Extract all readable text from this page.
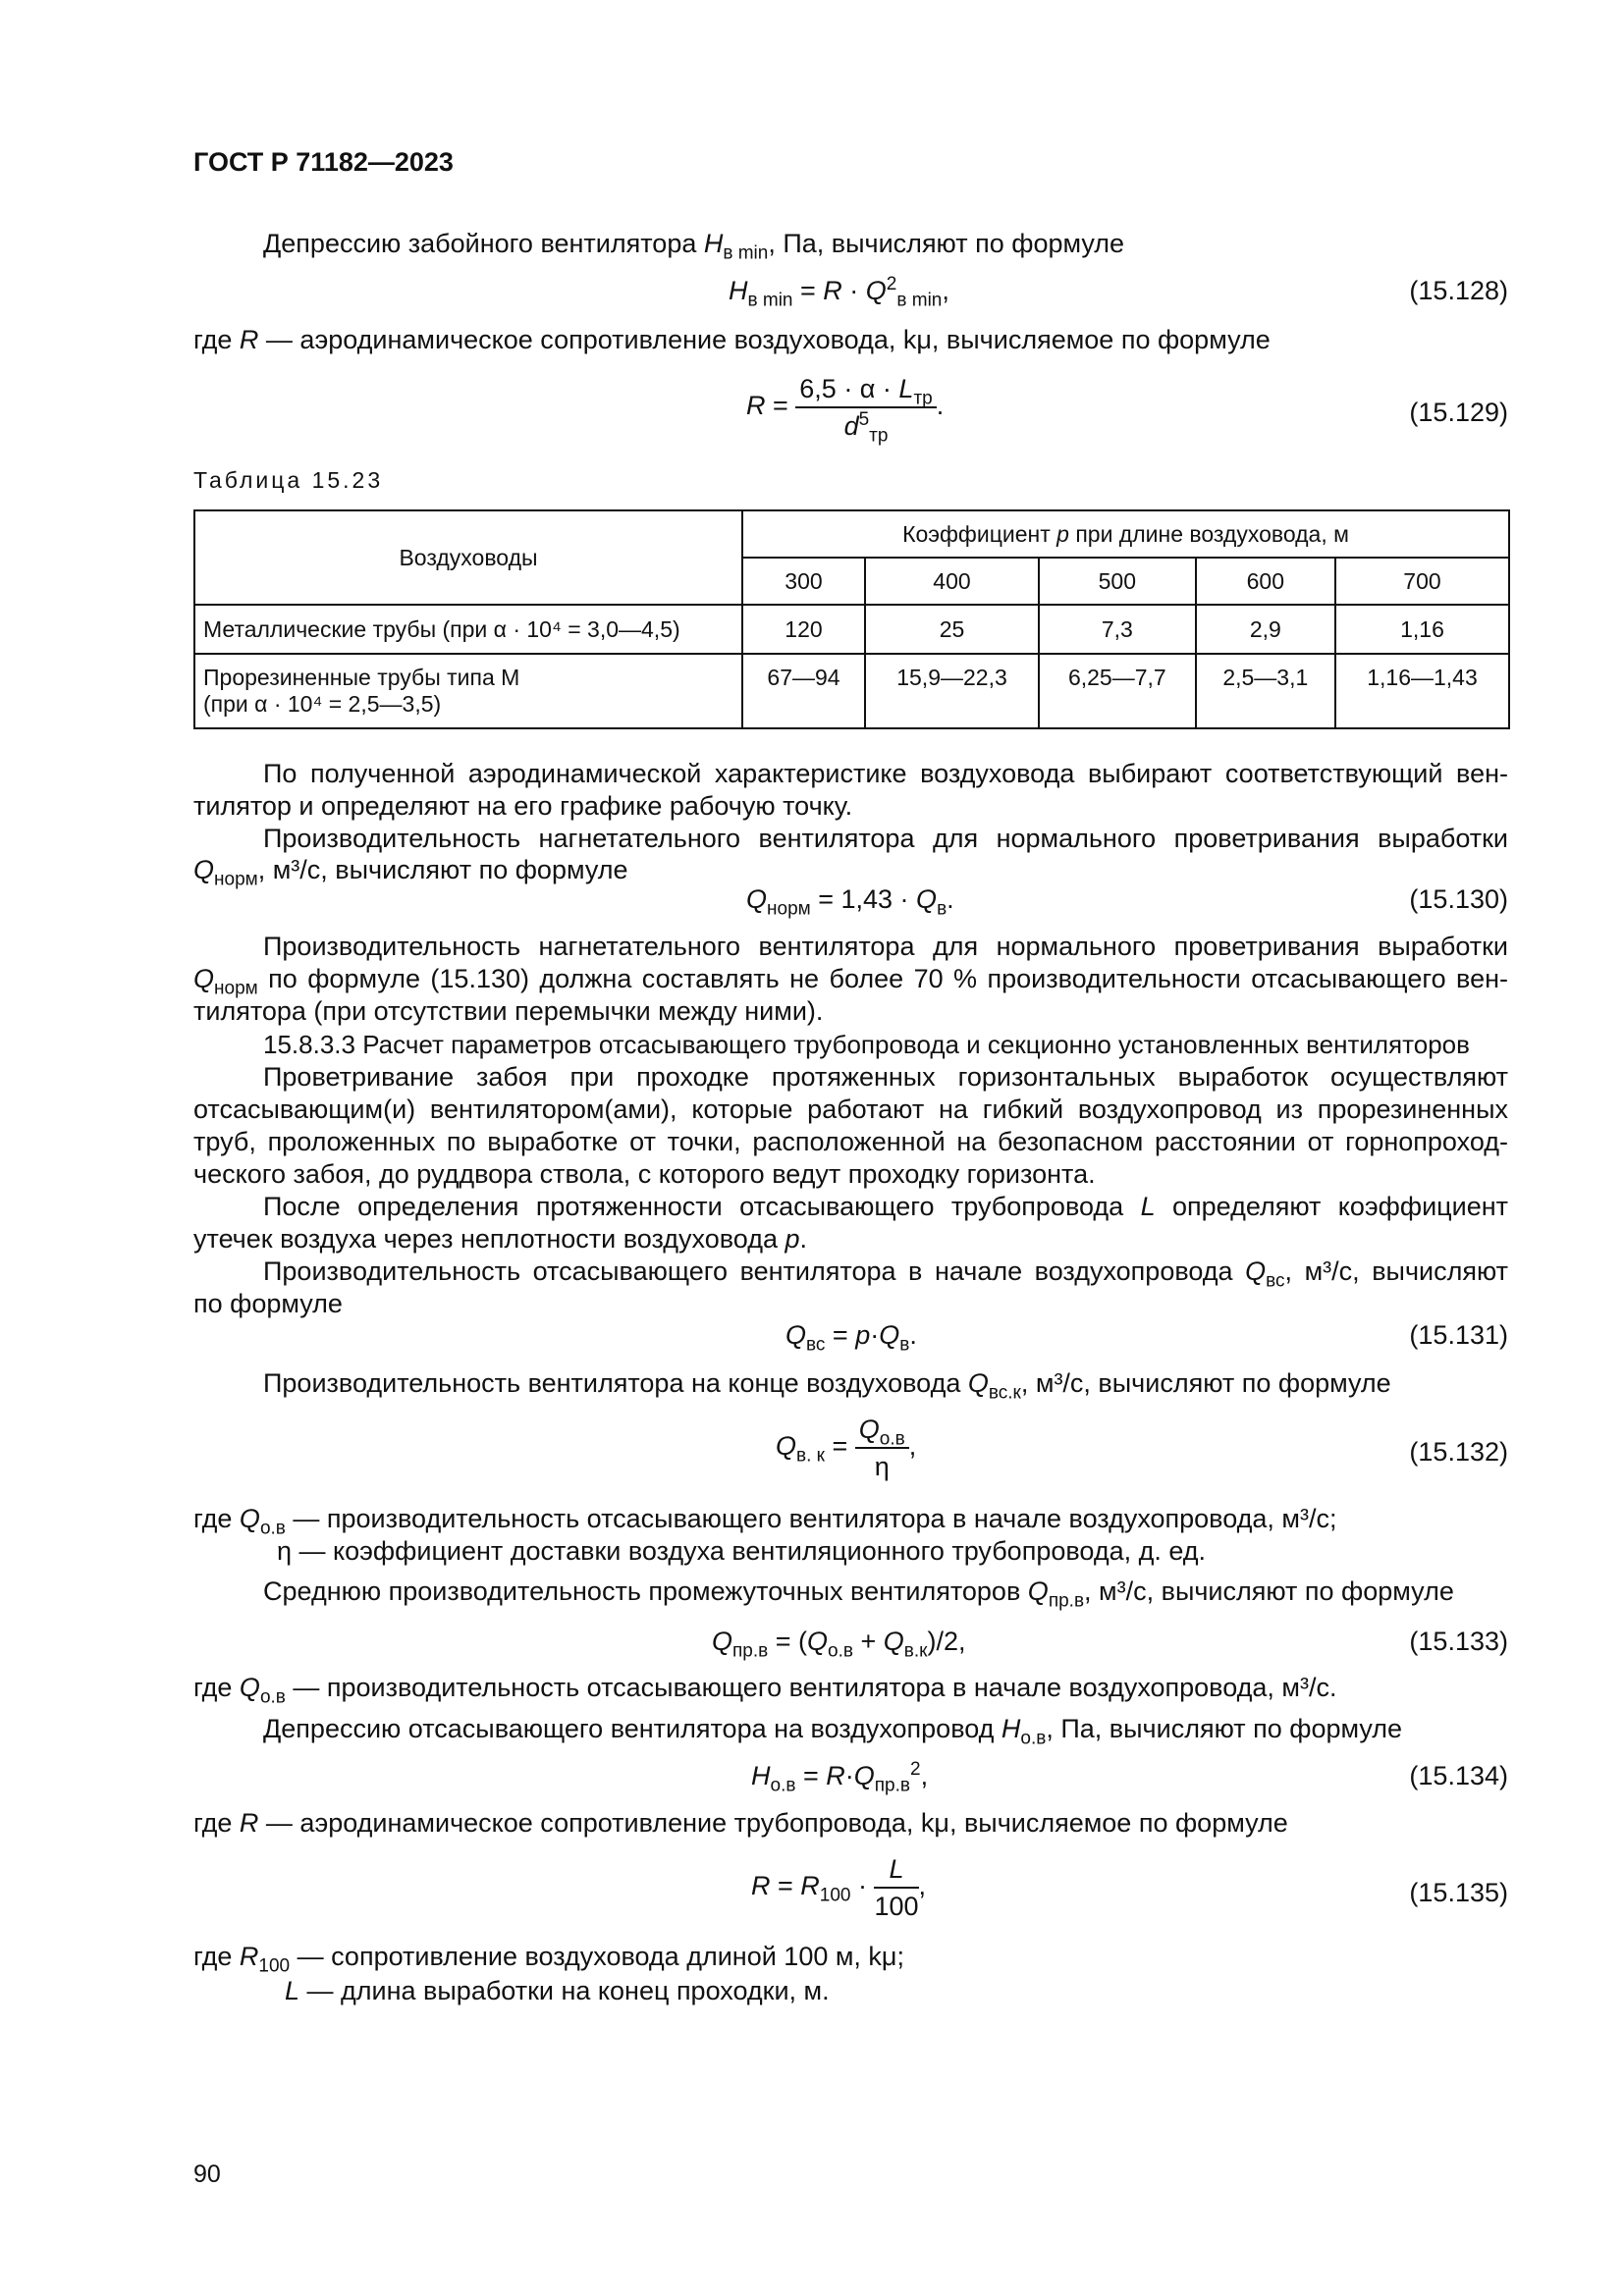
ГОСТ Р 71182—2023
Депрессию забойного вентилятора $H_{в min}$, Па, вычисляют по формуле
$H_{в min} = R \cdot Q^2_{в min}$,	(15.128)
где R — аэродинамическое сопротивление воздуховода, kμ, вычисляемое по формуле
$R = \frac{6,5 \cdot \alpha \cdot L_{тр}}{d^5_{тр}}$ .	(15.129)
Таблица 15.23
Воздуховоды	Коэффициент p при длине воздуховода, м				
	300	400	500	600	700
Металлические трубы (при α · 10⁴ = 3,0—4,5)	120	25	7,3	2,9	1,16
Прорезиненные трубы типа М
(при α · 10⁴ = 2,5—3,5)	67—94	15,9—22,3	6,25—7,7	2,5—3,1	1,16—1,43
По полученной аэродинамической характеристике воздуховода выбирают соответствующий вен-
тилятор и определяют на его графике рабочую точку.
Производительность нагнетательного вентилятора для нормального проветривания выработки
$Q_{норм}$, м³/с, вычисляют по формуле
$Q_{норм} = 1,43 \cdot Q_в$.	(15.130)
Производительность нагнетательного вентилятора для нормального проветривания выработки
$Q_{норм}$ по формуле (15.130) должна составлять не более 70 % производительности отсасывающего вен-
тилятора (при отсутствии перемычки между ними).
15.8.3.3 Расчет параметров отсасывающего трубопровода и секционно установленных вентиляторов
Проветривание забоя при проходке протяженных горизонтальных выработок осуществляют
отсасывающим(и) вентилятором(ами), которые работают на гибкий воздухопровод из прорезиненных
труб, проложенных по выработке от точки, расположенной на безопасном расстоянии от горнопроход-
ческого забоя, до руддвора ствола, с которого ведут проходку горизонта.
После определения протяженности отсасывающего трубопровода L определяют коэффициент
утечек воздуха через неплотности воздуховода p.
Производительность отсасывающего вентилятора в начале воздухопровода $Q_{вс}$, м³/с, вычисляют
по формуле
$Q_{вс} = p\cdot Q_в$.	(15.131)
Производительность вентилятора на конце воздуховода $Q_{вс.к}$, м³/с, вычисляют по формуле
$Q_{в. к} = \frac{Q_{о.в}}{\eta}$ ,	(15.132)
где $Q_{о.в}$ — производительность отсасывающего вентилятора в начале воздухопровода, м³/с;
η — коэффициент доставки воздуха вентиляционного трубопровода, д. ед.
Среднюю производительность промежуточных вентиляторов $Q_{пр.в}$, м³/с, вычисляют по формуле
$Q_{пр.в} = (Q_{о.в} + Q_{в.к})/2$,	(15.133)
где $Q_{о.в}$ — производительность отсасывающего вентилятора в начале воздухопровода, м³/с.
Депрессию отсасывающего вентилятора на воздухопровод $H_{о.в}$, Па, вычисляют по формуле
$H_{о.в} = R\cdot Q_{пр.в}^2$,	(15.134)
где R — аэродинамическое сопротивление трубопровода, kμ, вычисляемое по формуле
$R = R_{100} \cdot \frac{L}{100}$ ,	(15.135)
где $R_{100}$ — сопротивление воздуховода длиной 100 м, kμ;
L — длина выработки на конец проходки, м.
90
